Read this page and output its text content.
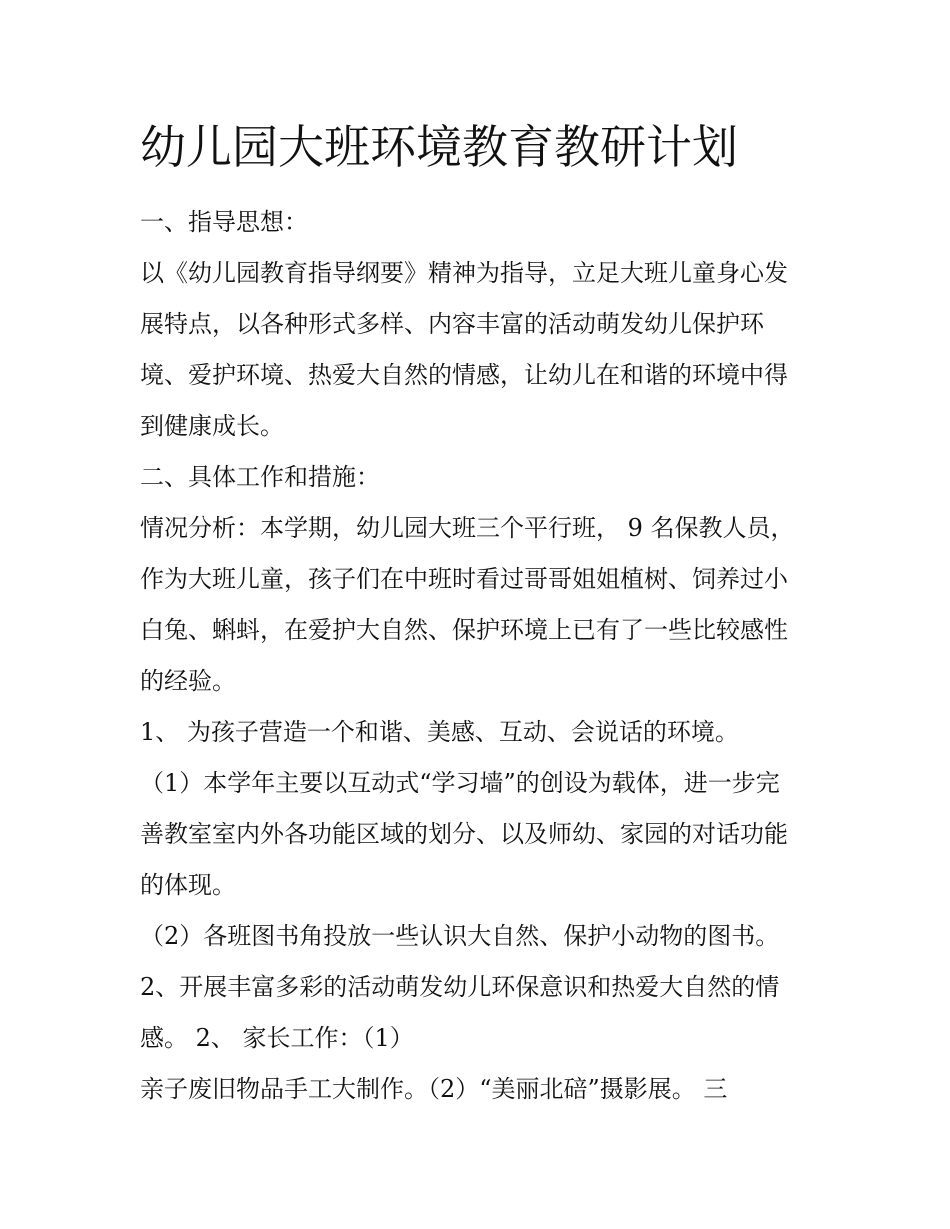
幼儿园大班环境教育教研计划
一、指导思想：
以《幼儿园教育指导纲要》精神为指导，立足大班儿童身心发
展特点，以各种形式多样、内容丰富的活动萌发幼儿保护环
境、爱护环境、热爱大自然的情感，让幼儿在和谐的环境中得
到健康成长。
二、具体工作和措施：
情况分析：本学期，幼儿园大班三个平行班， 9 名保教人员，
作为大班儿童，孩子们在中班时看过哥哥姐姐植树、饲养过小
白兔、蝌蚪，在爱护大自然、保护环境上已有了一些比较感性
的经验。
1、 为孩子营造一个和谐、美感、互动、会说话的环境。
（1）本学年主要以互动式“学习墙”的创设为载体，进一步完
善教室室内外各功能区域的划分、以及师幼、家园的对话功能
的体现。
（2）各班图书角投放一些认识大自然、保护小动物的图书。
2、开展丰富多彩的活动萌发幼儿环保意识和热爱大自然的情
感。 2、 家长工作：（1）
亲子废旧物品手工大制作。（2）“美丽北碚”摄影展。 三
